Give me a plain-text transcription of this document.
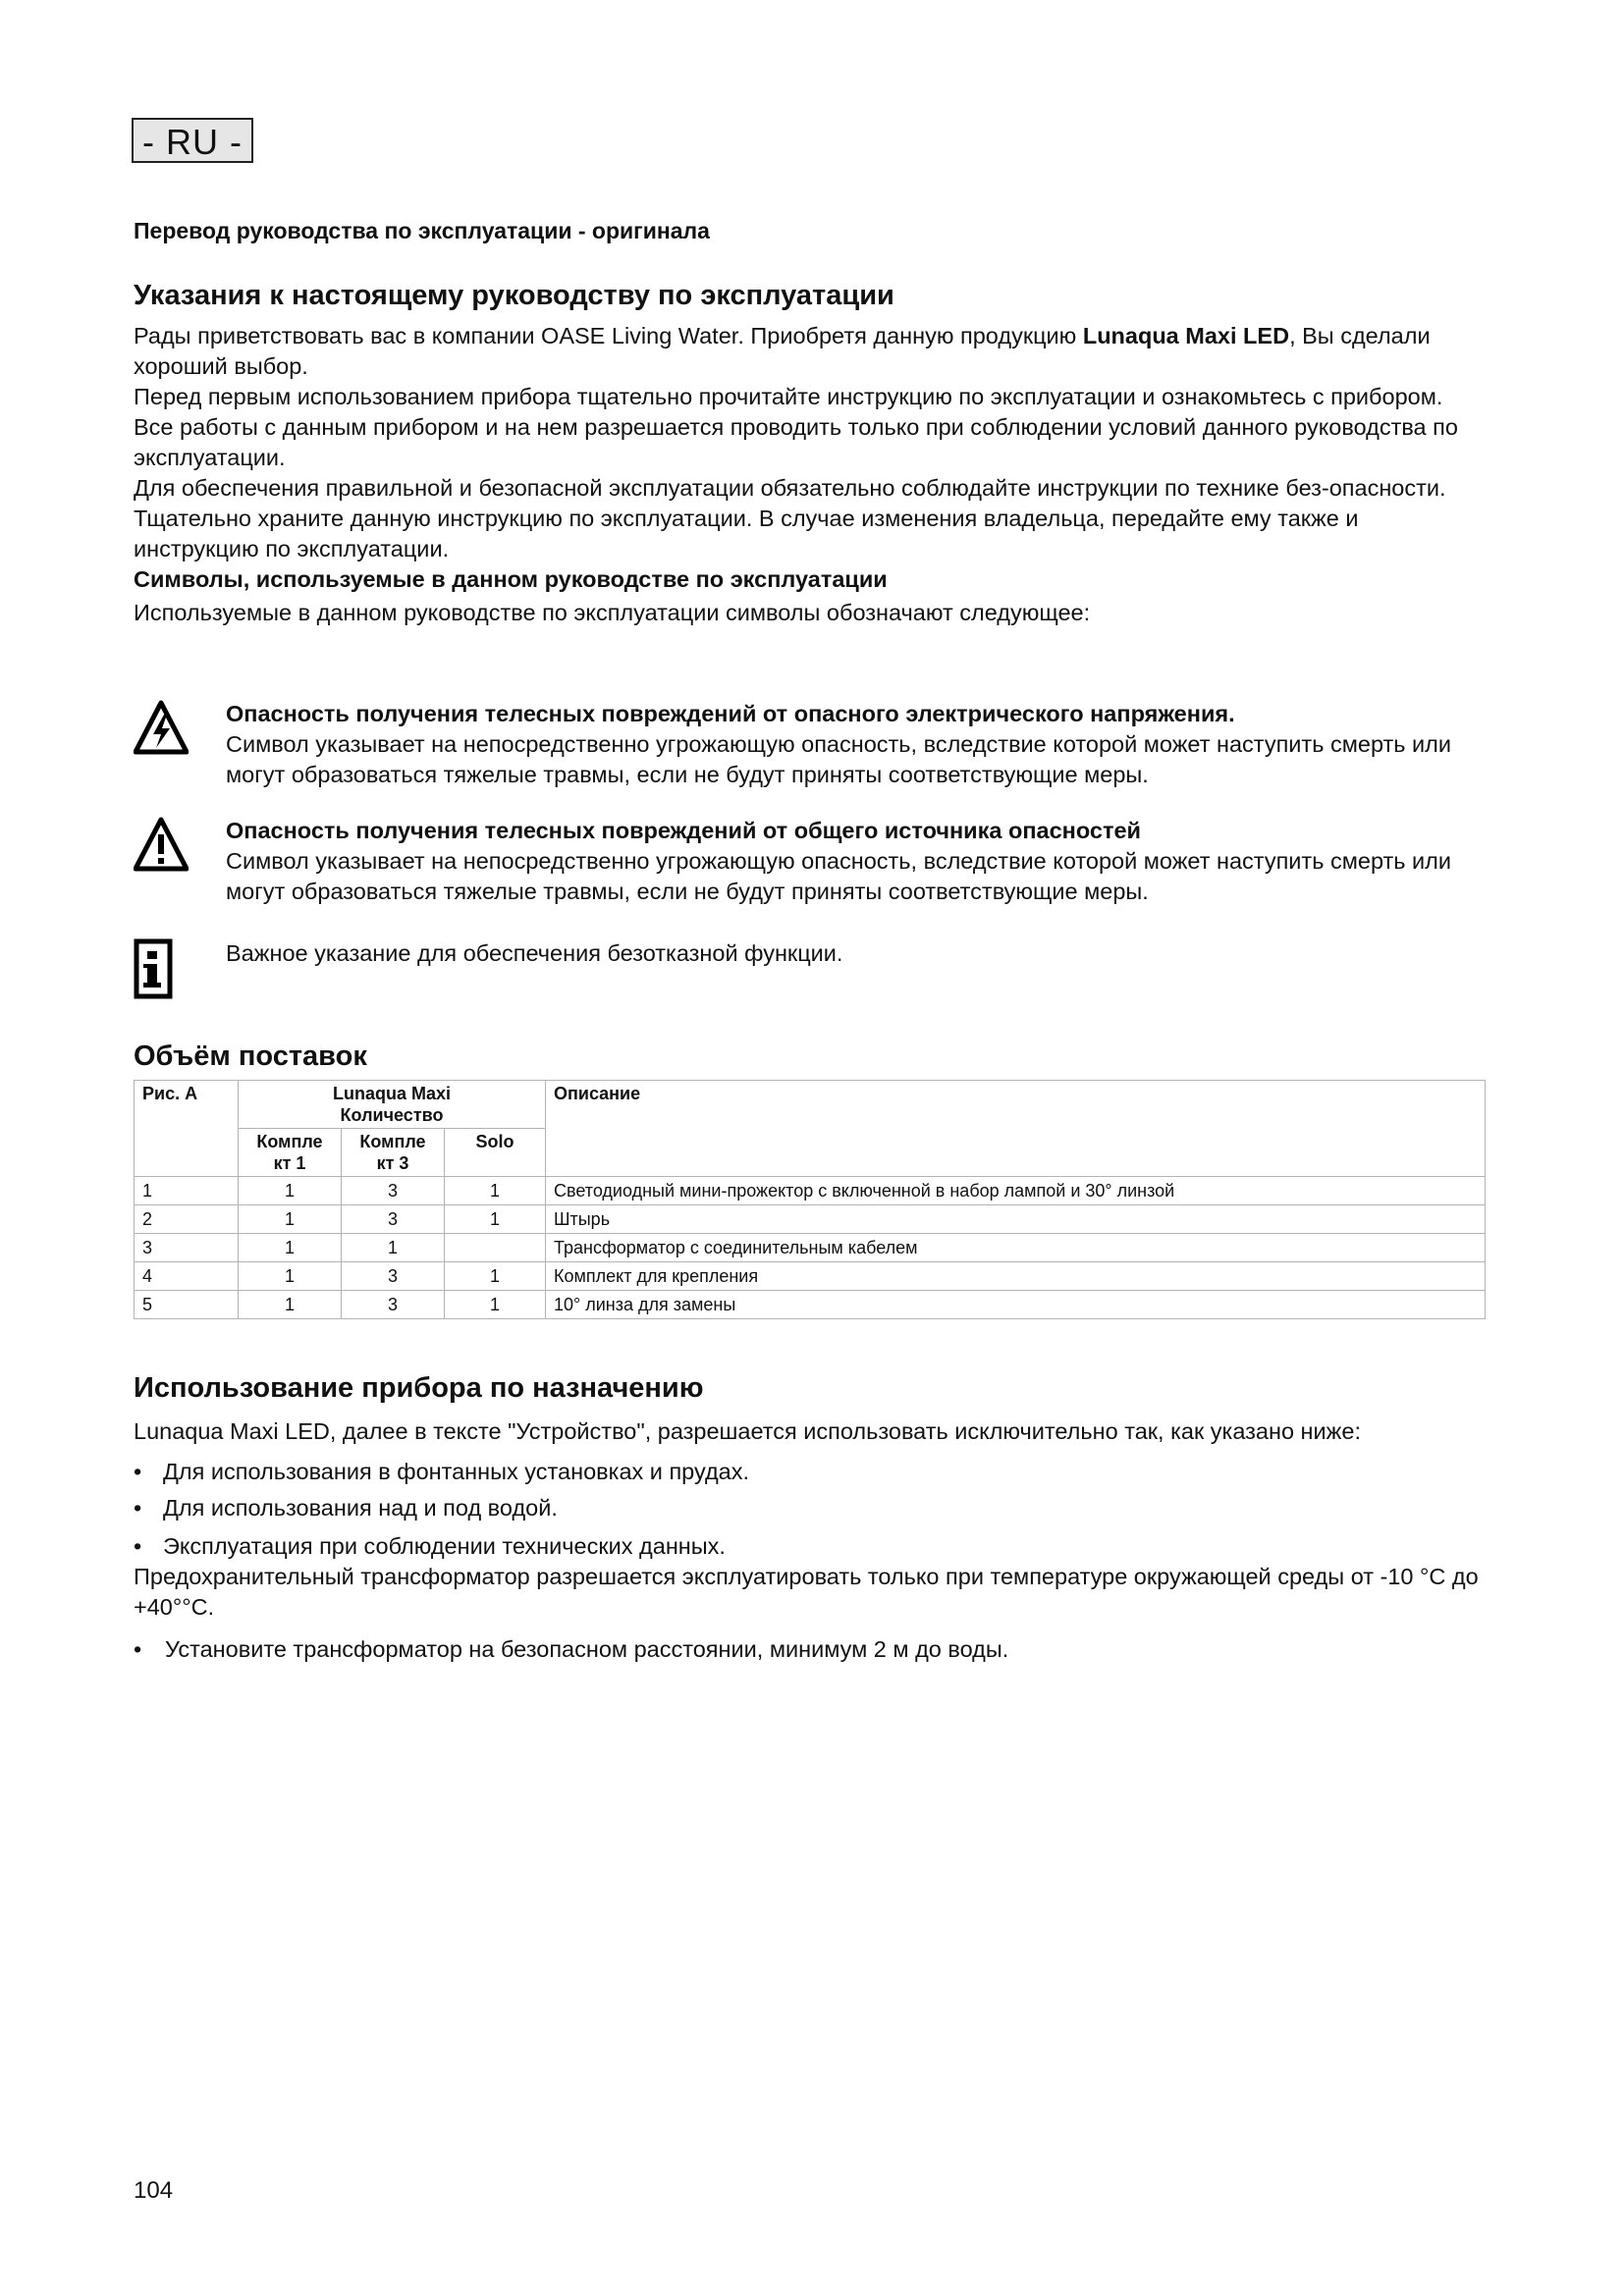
- RU -
Перевод руководства по эксплуатации - оригинала
Указания к настоящему руководству по эксплуатации

Рады приветствовать вас в компании OASE Living Water. Приобретя данную продукцию Lunaqua Maxi LED, Вы сделали хороший выбор.

Перед первым использованием прибора тщательно прочитайте инструкцию по эксплуатации и ознакомьтесь с прибором. Все работы с данным прибором и на нем разрешается проводить только при соблюдении условий данного руководства по эксплуатации.

Для обеспечения правильной и безопасной эксплуатации обязательно соблюдайте инструкции по технике без-опасности.

Тщательно храните данную инструкцию по эксплуатации. В случае изменения владельца, передайте ему также и инструкцию по эксплуатации.

Символы, используемые в данном руководстве по эксплуатации

Используемые в данном руководстве по эксплуатации символы обозначают следующее:

Опасность получения телесных повреждений от опасного электрического напряжения.
Символ указывает на непосредственно угрожающую опасность, вследствие которой может наступить смерть или могут образоваться тяжелые травмы, если не будут приняты соответствующие меры.
Опасность получения телесных повреждений от общего источника опасностей
Символ указывает на непосредственно угрожающую опасность, вследствие которой может наступить смерть или могут образоваться тяжелые травмы, если не будут приняты соответствующие меры.
Важное указание для обеспечения безотказной функции.
Объём поставок
Рис. A	Lunaqua Maxi Количество			Описание
	Компле кт 1	Компле кт 3	Solo	
1	1	3	1	Светодиодный мини-прожектор с включенной в набор лампой и 30° линзой
2	1	3	1	Штырь
3	1	1		Трансформатор с соединительным кабелем
4	1	3	1	Комплект для крепления
5	1	3	1	10° линза для замены
Использование прибора по назначению

Lunaqua Maxi LED, далее в тексте "Устройство", разрешается использовать исключительно так, как указано ниже:

• Для использования в фонтанных установках и прудах.
• Для использования над и под водой.
• Эксплуатация при соблюдении технических данных.

Предохранительный трансформатор разрешается эксплуатировать только при температуре окружающей среды от -10 °C до +40°°C.

• Установите трансформатор на безопасном расстоянии, минимум 2 м до воды.
104
